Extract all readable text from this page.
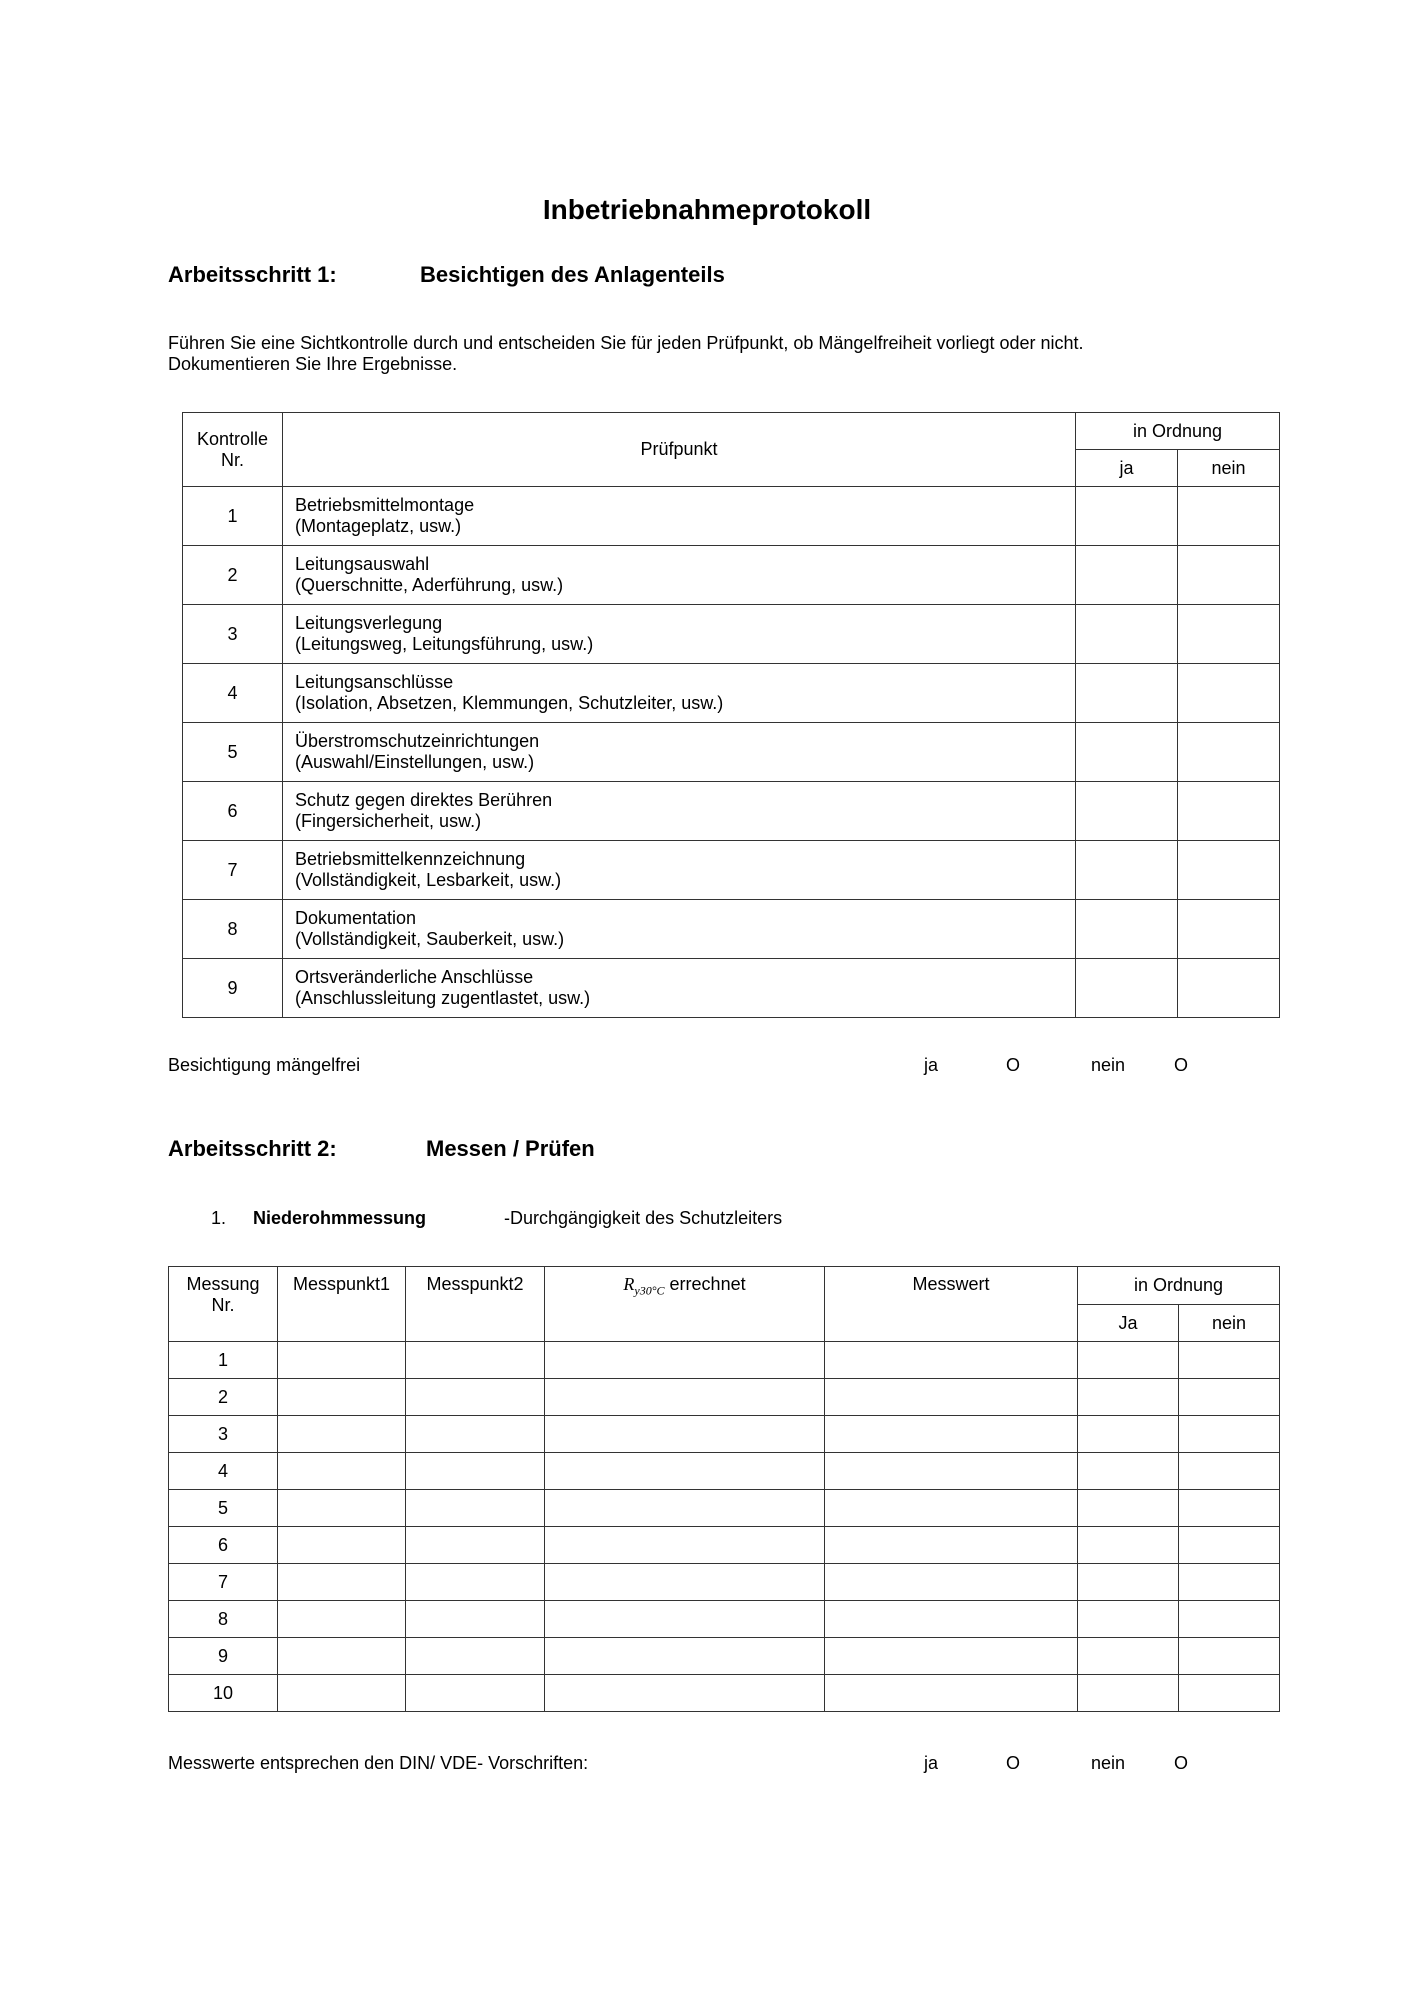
Inbetriebnahmeprotokoll
Arbeitsschritt 1:	Besichtigen des Anlagenteils
Führen Sie eine Sichtkontrolle durch und entscheiden Sie für jeden Prüfpunkt, ob Mängelfreiheit vorliegt oder nicht.
Dokumentieren Sie Ihre Ergebnisse.
Kontrolle
Nr.	Prüfpunkt	in Ordnung	
		ja	nein
1	Betriebsmittelmontage
(Montageplatz, usw.)		

2	Leitungsauswahl
(Querschnitte, Aderführung, usw.)		

3	Leitungsverlegung
(Leitungsweg, Leitungsführung, usw.)		

4	Leitungsanschlüsse
(Isolation, Absetzen, Klemmungen, Schutzleiter, usw.)		

5	Überstromschutzeinrichtungen
(Auswahl/Einstellungen, usw.)		

6	Schutz gegen direktes Berühren
(Fingersicherheit, usw.)		

7	Betriebsmittelkennzeichnung
(Vollständigkeit, Lesbarkeit, usw.)		

8	Dokumentation
(Vollständigkeit, Sauberkeit, usw.)		

9	Ortsveränderliche Anschlüsse
(Anschlussleitung zugentlastet, usw.)		

Besichtigung mängelfrei	ja	O	nein	O
Arbeitsschritt 2:	Messen / Prüfen
1. Niederohmmessung	-Durchgängigkeit des Schutzleiters
Messung
Nr.	Messpunkt1	Messpunkt2	$R_{y30^\circ C}$ errechnet	Messwert	in Ordnung	
					Ja	nein
1						
2						
3						
4						
5						
6						
7						
8						
9						
10						
Messwerte entsprechen den DIN/ VDE- Vorschriften:	ja	O	nein	O
